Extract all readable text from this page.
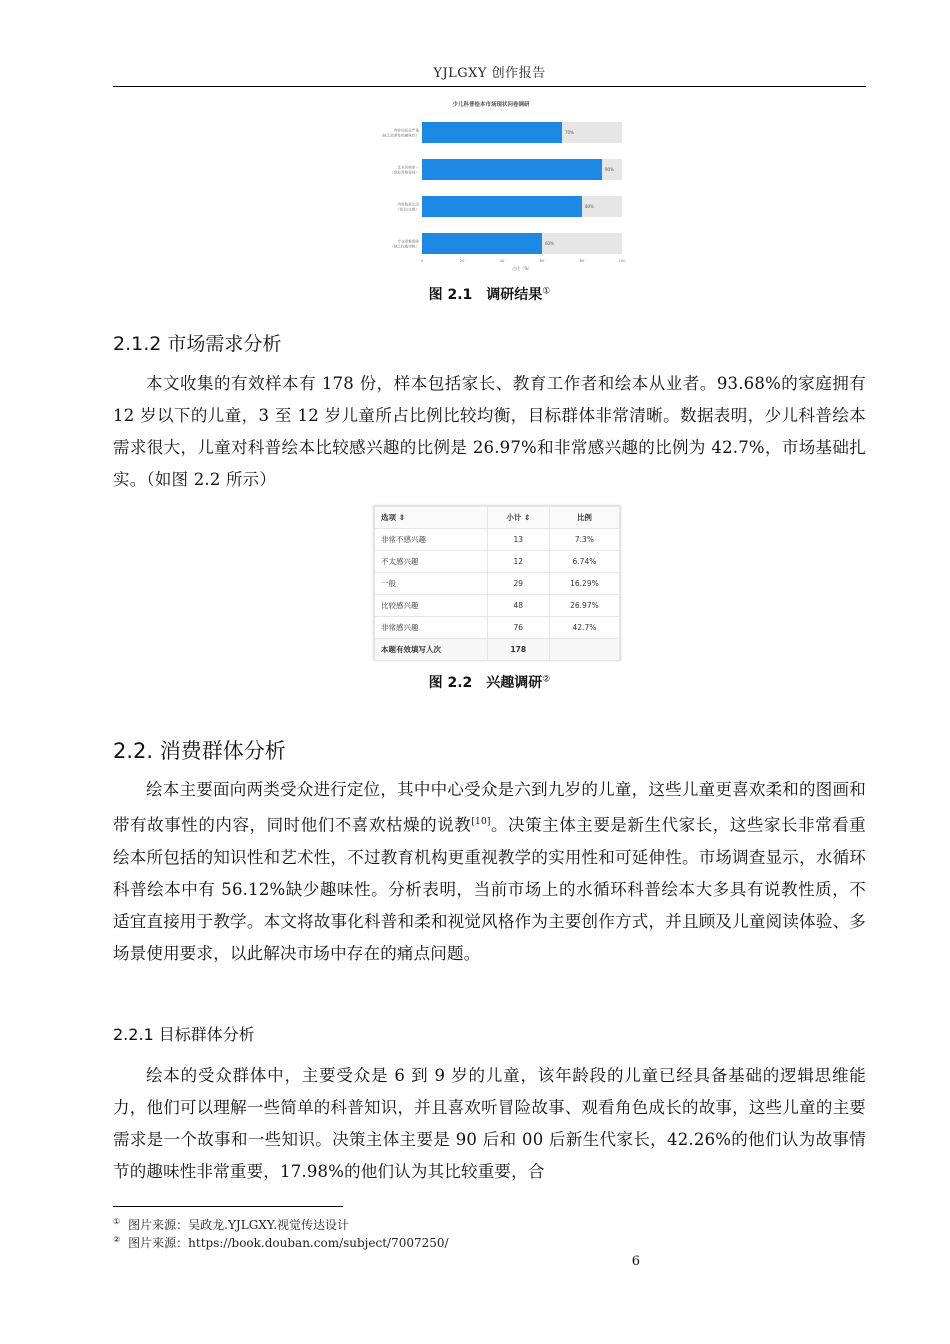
YJLGXY 创作报告
少儿科普绘本市场现状问卷调研
70%
内容同质化严重
（缺乏故事性和趣味性）
90%
艺术风格单一
（色彩风格雷同）
80%
内容脱离生活
（知识/过难）
60%
专业度难保障
（缺乏权威审核）
0	20	40	60	80	100
占比（%）
图 2.1　调研结果①
2.1.2 市场需求分析
本文收集的有效样本有 178 份，样本包括家长、教育工作者和绘本从业者。93.68%的家庭拥有 12 岁以下的儿童，3 至 12 岁儿童所占比例比较均衡，目标群体非常清晰。数据表明，少儿科普绘本需求很大，儿童对科普绘本比较感兴趣的比例是 26.97%和非常感兴趣的比例为 42.7%，市场基础扎实。（如图 2.2 所示）
选项 ⇕	小计 ⇕	比例
非常不感兴趣	13	7.3%
不太感兴趣	12	6.74%
一般	29	16.29%
比较感兴趣	48	26.97%
非常感兴趣	76	42.7%
本题有效填写人次	178	
图 2.2　兴趣调研②
2.2. 消费群体分析
绘本主要面向两类受众进行定位，其中中心受众是六到九岁的儿童，这些儿童更喜欢柔和的图画和带有故事性的内容，同时他们不喜欢枯燥的说教[10]。决策主体主要是新生代家长，这些家长非常看重绘本所包括的知识性和艺术性，不过教育机构更重视教学的实用性和可延伸性。市场调查显示，水循环科普绘本中有 56.12%缺少趣味性。分析表明，当前市场上的水循环科普绘本大多具有说教性质，不适宜直接用于教学。本文将故事化科普和柔和视觉风格作为主要创作方式，并且顾及儿童阅读体验、多场景使用要求，以此解决市场中存在的痛点问题。
2.2.1 目标群体分析
绘本的受众群体中，主要受众是 6 到 9 岁的儿童，该年龄段的儿童已经具备基础的逻辑思维能力，他们可以理解一些简单的科普知识，并且喜欢听冒险故事、观看角色成长的故事，这些儿童的主要需求是一个故事和一些知识。决策主体主要是 90 后和 00 后新生代家长，42.26%的他们认为故事情节的趣味性非常重要，17.98%的他们认为其比较重要，合
① 图片来源：吴政龙.YJLGXY.视觉传达设计
② 图片来源：https://book.douban.com/subject/7007250/
6
